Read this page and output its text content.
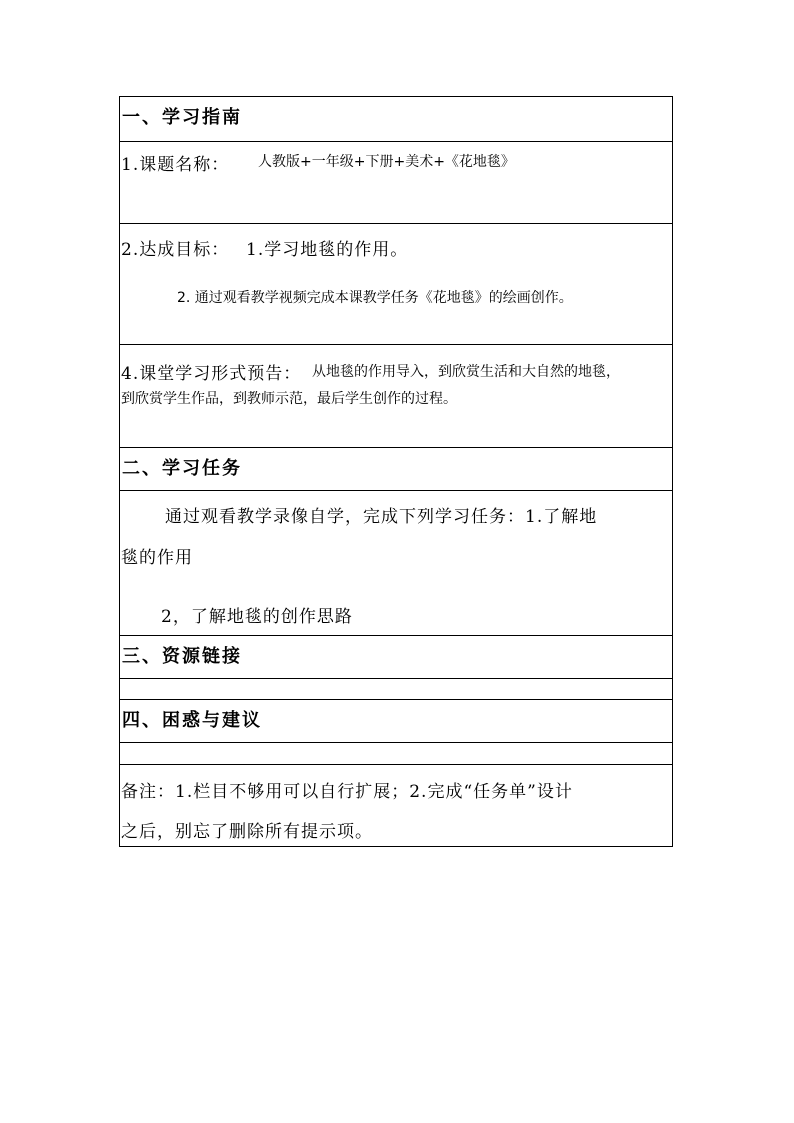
一、学习指南
1.课题名称： 人教版+一年级+下册+美术+《花地毯》
2.达成目标： 1.学习地毯的作用。
2. 通过观看教学视频完成本课教学任务《花地毯》的绘画创作。
4.课堂学习形式预告： 从地毯的作用导入，到欣赏生活和大自然的地毯，
到欣赏学生作品，到教师示范，最后学生创作的过程。
二、学习任务
通过观看教学录像自学，完成下列学习任务：1.了解地
毯的作用
2，了解地毯的创作思路
三、资源链接
四、困惑与建议
备注：1.栏目不够用可以自行扩展；2.完成“任务单”设计
之后，别忘了删除所有提示项。
